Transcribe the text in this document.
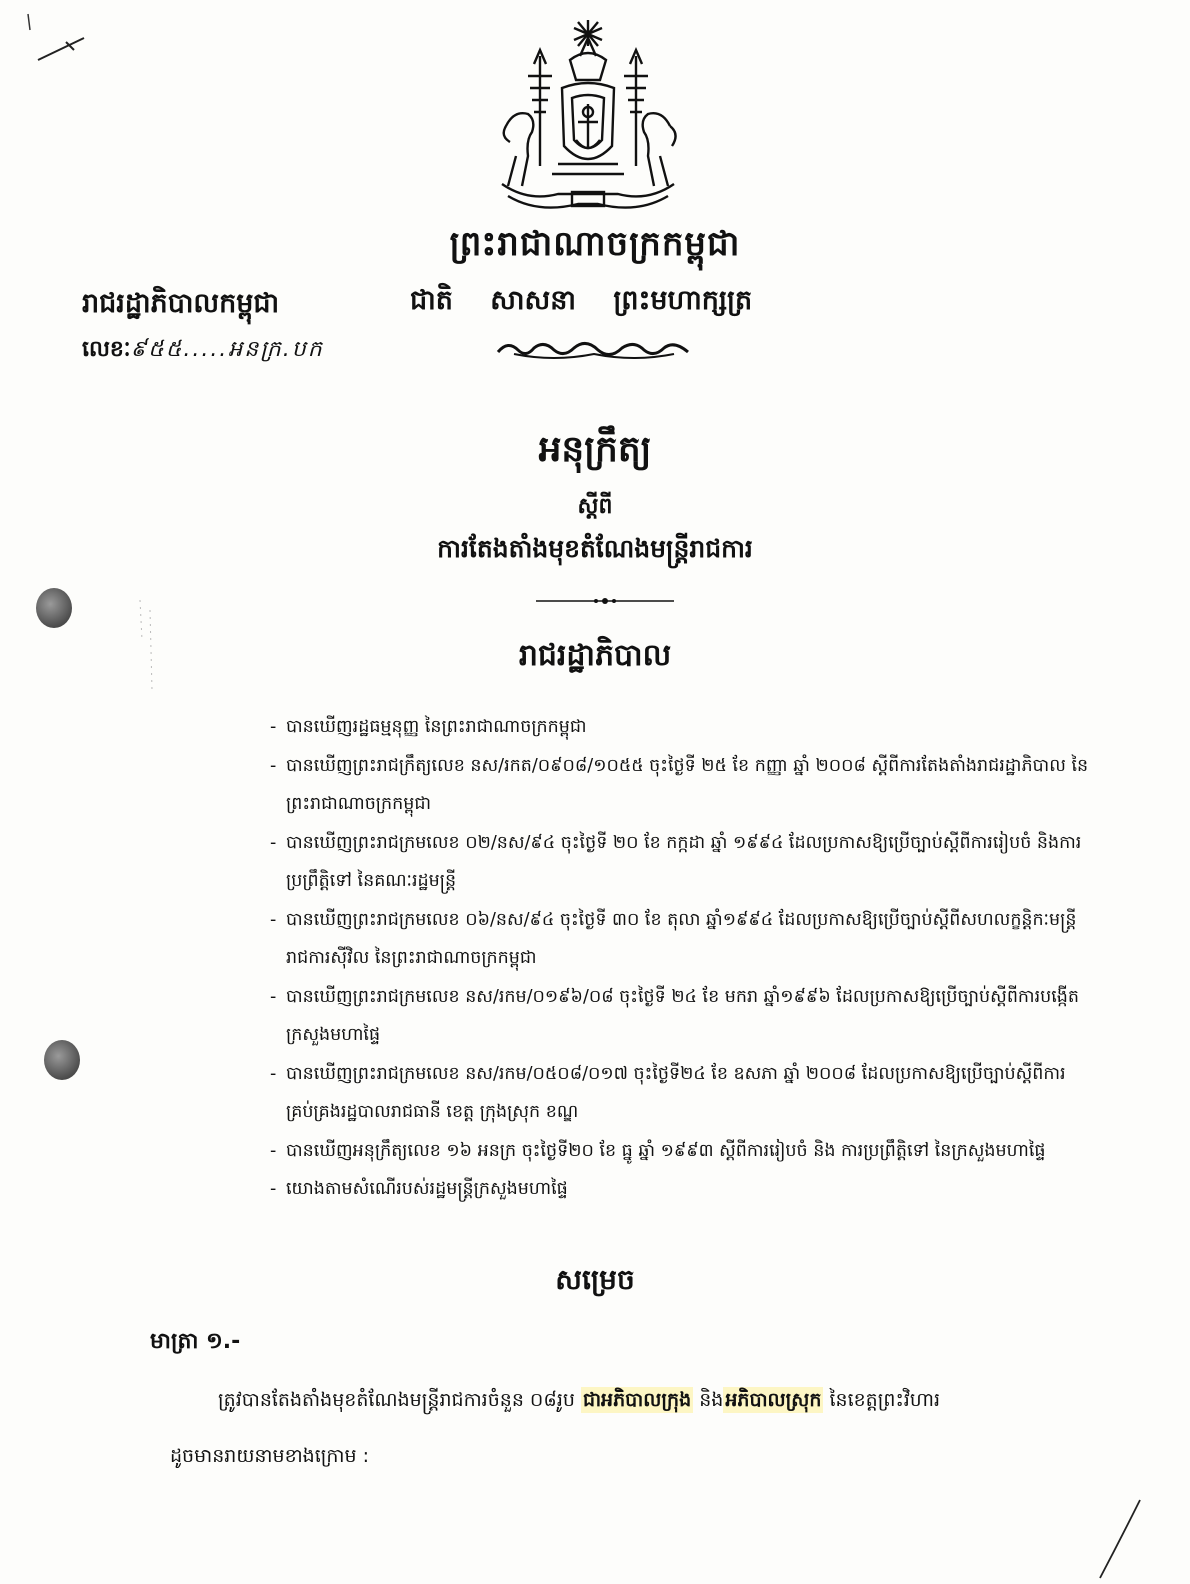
ព្រះរាជាណាចក្រកម្ពុជា
រាជរដ្ឋាភិបាលកម្ពុជា	ជាតិ សាសនា ព្រះមហាក្សត្រ
លេខៈ៩៥៥.....អនក្រ.បក
អនុក្រឹត្យ
ស្តីពី
ការតែងតាំងមុខតំណែងមន្ត្រីរាជការ
រាជរដ្ឋាភិបាល
- បានឃើញរដ្ឋធម្មនុញ្ញ នៃព្រះរាជាណាចក្រកម្ពុជា
- បានឃើញព្រះរាជក្រឹត្យលេខ នស/រកត/០៩០៨/១០៥៥ ចុះថ្ងៃទី ២៥ ខែ កញ្ញា ឆ្នាំ ២០០៨ ស្តីពីការតែងតាំងរាជរដ្ឋាភិបាល នៃព្រះរាជាណាចក្រកម្ពុជា
- បានឃើញព្រះរាជក្រមលេខ ០២/នស/៩៤ ចុះថ្ងៃទី ២០ ខែ កក្កដា ឆ្នាំ ១៩៩៤ ដែលប្រកាសឱ្យប្រើច្បាប់ស្តីពីការរៀបចំ និងការប្រព្រឹត្តិទៅ នៃគណៈរដ្ឋមន្ត្រី
- បានឃើញព្រះរាជក្រមលេខ ០៦/នស/៩៤ ចុះថ្ងៃទី ៣០ ខែ តុលា ឆ្នាំ១៩៩៤ ដែលប្រកាសឱ្យប្រើច្បាប់ស្តីពីសហលក្ខន្តិកៈមន្ត្រីរាជការស៊ីវិល នៃព្រះរាជាណាចក្រកម្ពុជា
- បានឃើញព្រះរាជក្រមលេខ នស/រកម/០១៩៦/០៨ ចុះថ្ងៃទី ២៤ ខែ មករា ឆ្នាំ១៩៩៦ ដែលប្រកាសឱ្យប្រើច្បាប់ស្តីពីការបង្កើតក្រសួងមហាផ្ទៃ
- បានឃើញព្រះរាជក្រមលេខ នស/រកម/០៥០៨/០១៧ ចុះថ្ងៃទី២៤ ខែ ឧសភា ឆ្នាំ ២០០៨ ដែលប្រកាសឱ្យប្រើច្បាប់ស្តីពីការគ្រប់គ្រងរដ្ឋបាលរាជធានី ខេត្ត ក្រុងស្រុក ខណ្ឌ
- បានឃើញអនុក្រឹត្យលេខ ១៦ អនក្រ ចុះថ្ងៃទី២០ ខែ ធ្នូ ឆ្នាំ ១៩៩៣ ស្តីពីការរៀបចំ និង ការប្រព្រឹត្តិទៅ នៃក្រសួងមហាផ្ទៃ
- យោងតាមសំណើរបស់រដ្ឋមន្ត្រីក្រសួងមហាផ្ទៃ
សម្រេច
មាត្រា ១.-
ត្រូវបានតែងតាំងមុខតំណែងមន្ត្រីរាជការចំនួន ០៨រូប ជាអភិបាលក្រុង និង អភិបាលស្រុក នៃខេត្តព្រះវិហារ
ដូចមានរាយនាមខាងក្រោម :
